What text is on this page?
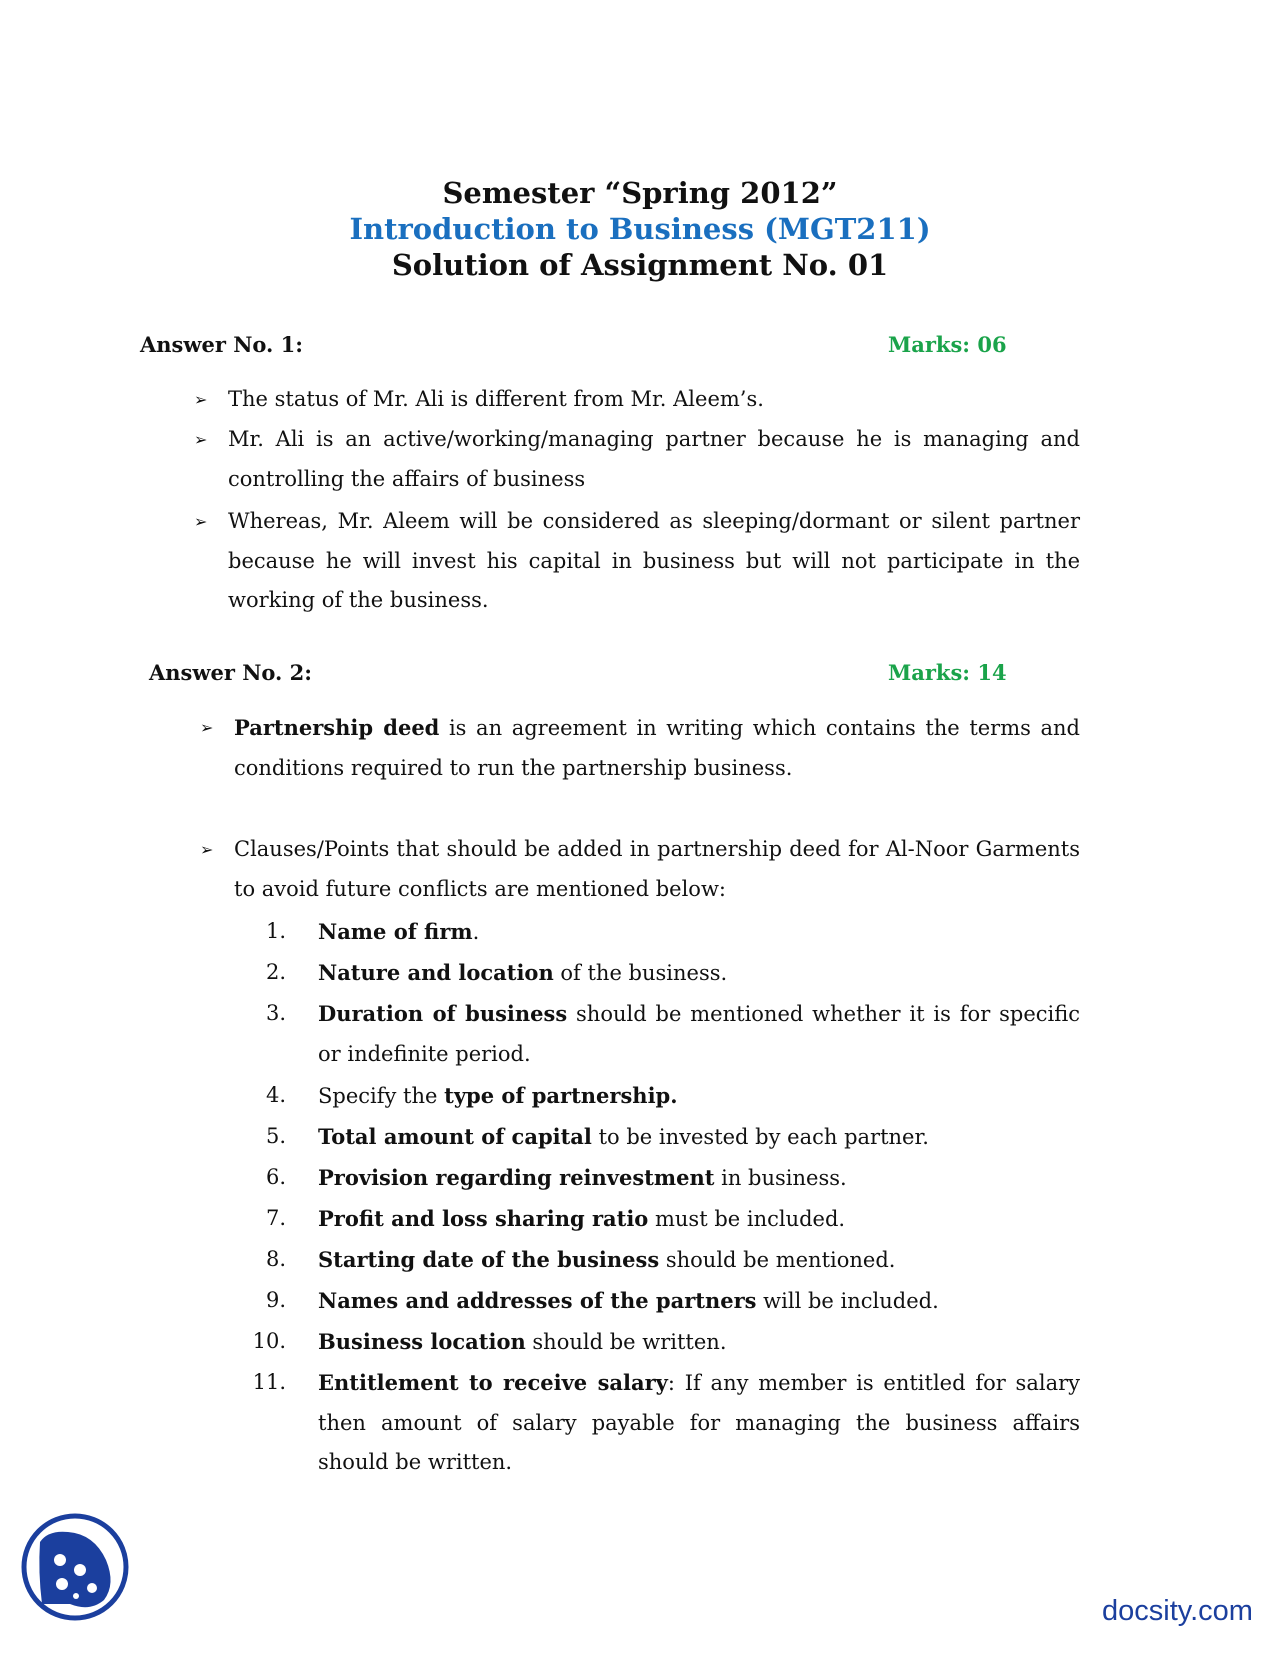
Semester “Spring 2012”
Introduction to Business (MGT211)
Solution of Assignment No. 01
Answer No. 1:	Marks: 06
➢ The status of Mr. Ali is different from Mr. Aleem’s.
➢ Mr. Ali is an active/working/managing partner because he is managing and controlling the affairs of business
➢ Whereas, Mr. Aleem will be considered as sleeping/dormant or silent partner because he will invest his capital in business but will not participate in the working of the business.
Answer No. 2:	Marks: 14
➢ Partnership deed is an agreement in writing which contains the terms and conditions required to run the partnership business.
➢ Clauses/Points that should be added in partnership deed for Al-Noor Garments to avoid future conflicts are mentioned below:
1. Name of firm.
2. Nature and location of the business.
3. Duration of business should be mentioned whether it is for specific or indefinite period.
4. Specify the type of partnership.
5. Total amount of capital to be invested by each partner.
6. Provision regarding reinvestment in business.
7. Profit and loss sharing ratio must be included.
8. Starting date of the business should be mentioned.
9. Names and addresses of the partners will be included.
10. Business location should be written.
11. Entitlement to receive salary: If any member is entitled for salary then amount of salary payable for managing the business affairs should be written.
docsity.com
